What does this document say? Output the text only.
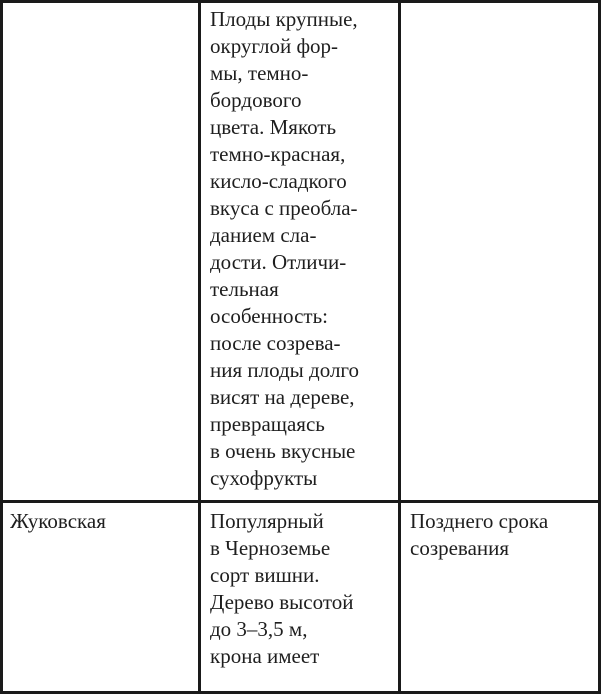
Плоды крупные,
округлой фор-
мы, темно-
бордового
цвета. Мякоть
темно-красная,
кисло-сладкого
вкуса с преобла-
данием сла-
дости. Отличи-
тельная
особенность:
после созрева-
ния плоды долго
висят на дереве,
превращаясь
в очень вкусные
сухофрукты
Жуковская	Популярный
в Черноземье
сорт вишни.
Дерево высотой
до 3–3,5 м,
крона имеет
Позднего срока
созревания
